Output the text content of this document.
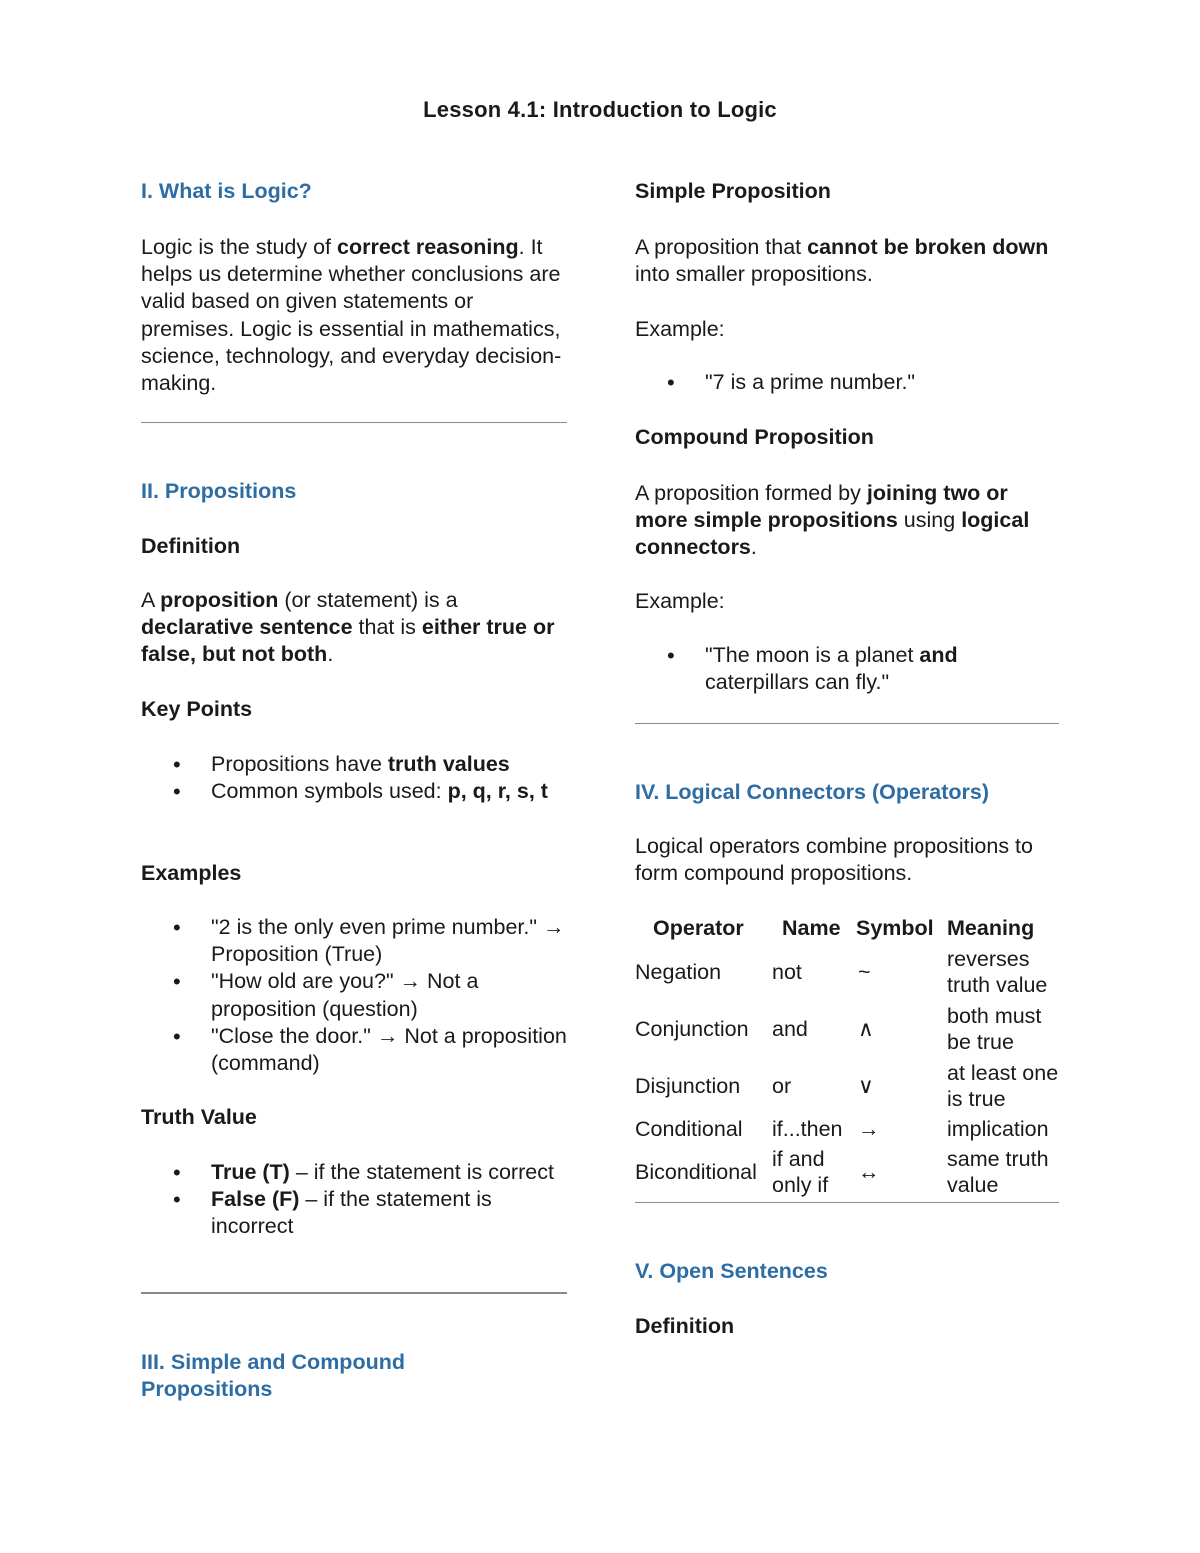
Lesson 4.1: Introduction to Logic
I. What is Logic?

Logic is the study of correct reasoning. It helps us determine whether conclusions are valid based on given statements or premises. Logic is essential in mathematics, science, technology, and everyday decision-making.

II. Propositions
Definition

A proposition (or statement) is a declarative sentence that is either true or false, but not both.

Key Points
• Propositions have truth values
• Common symbols used: p, q, r, s, t
Examples
• "2 is the only even prime number." → Proposition (True)
• "How old are you?" → Not a proposition (question)
• "Close the door." → Not a proposition (command)
Truth Value
• True (T) – if the statement is correct
• False (F) – if the statement is incorrect
III. Simple and Compound Propositions
Simple Proposition

A proposition that cannot be broken down into smaller propositions.

Example:
• "7 is a prime number."
Compound Proposition

A proposition formed by joining two or more simple propositions using logical connectors.

Example:
• "The moon is a planet and caterpillars can fly."
IV. Logical Connectors (Operators)

Logical operators combine propositions to form compound propositions.

Operator	Name	Symbol	Meaning
Negation	not	~	reverses truth value
Conjunction	and	∧	both must be true
Disjunction	or	∨	at least one is true
Conditional	if...then	→	implication
Biconditional	if and only if	↔	same truth value
V. Open Sentences
Definition
